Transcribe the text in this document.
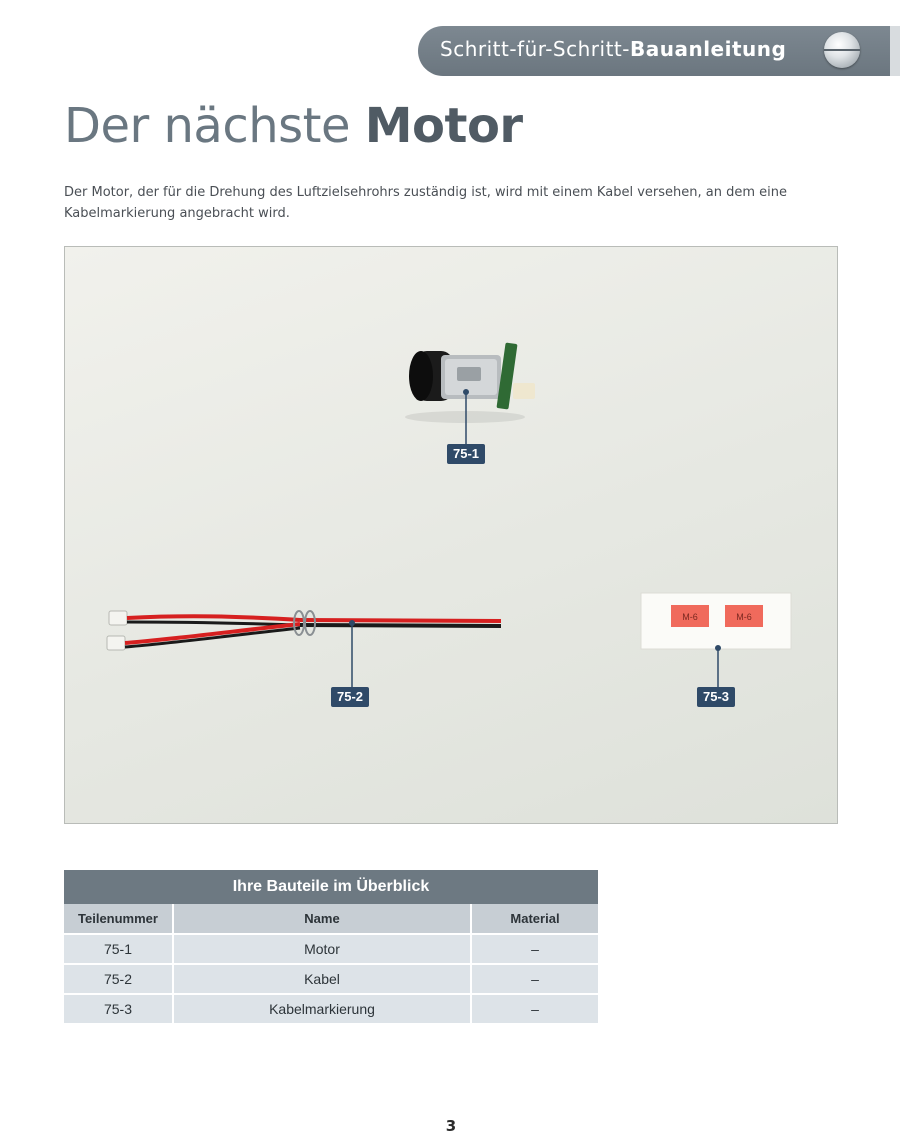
Schritt-für-Schritt-Bauanleitung
Der nächste Motor
Der Motor, der für die Drehung des Luftzielsehrohrs zuständig ist, wird mit einem Kabel versehen, an dem eine Kabelmarkierung angebracht wird.
M-6	M-6
75-1
75-2	75-3
Ihre Bauteile im Überblick
Teilenummer	Name	Material
75-1	Motor	–
75-2	Kabel	–
75-3	Kabelmarkierung	–
3
